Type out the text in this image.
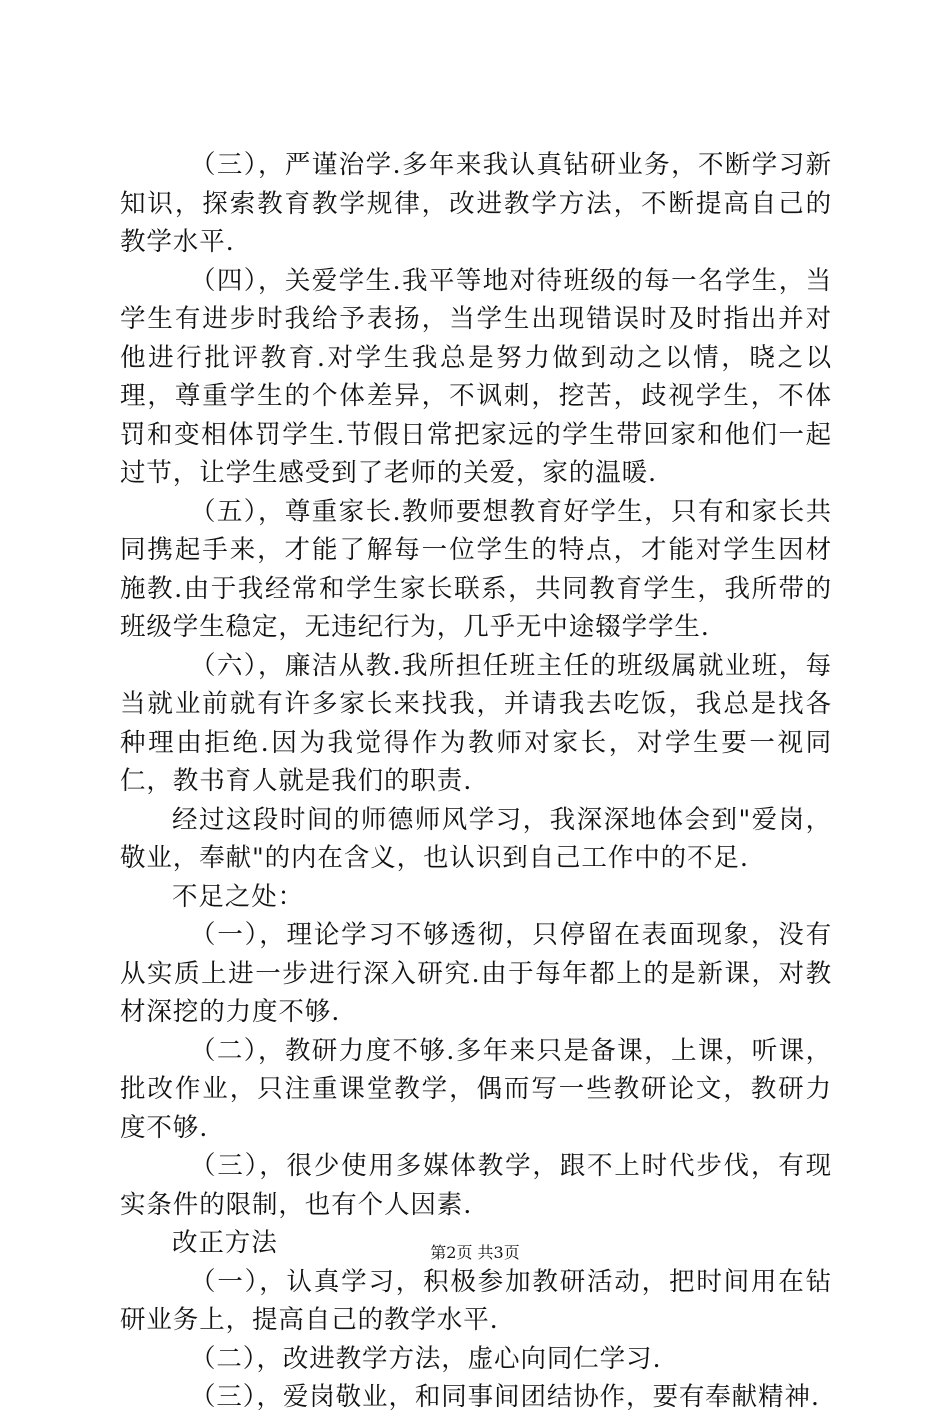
（三），严谨治学.多年来我认真钻研业务，不断学习新知识，探索教育教学规律，改进教学方法，不断提高自己的教学水平.

（四），关爱学生.我平等地对待班级的每一名学生，当学生有进步时我给予表扬，当学生出现错误时及时指出并对他进行批评教育.对学生我总是努力做到动之以情，晓之以理，尊重学生的个体差异，不讽刺，挖苦，歧视学生，不体罚和变相体罚学生.节假日常把家远的学生带回家和他们一起过节，让学生感受到了老师的关爱，家的温暖.

（五），尊重家长.教师要想教育好学生，只有和家长共同携起手来，才能了解每一位学生的特点，才能对学生因材施教.由于我经常和学生家长联系，共同教育学生，我所带的班级学生稳定，无违纪行为，几乎无中途辍学学生.

（六），廉洁从教.我所担任班主任的班级属就业班，每当就业前就有许多家长来找我，并请我去吃饭，我总是找各种理由拒绝.因为我觉得作为教师对家长，对学生要一视同仁，教书育人就是我们的职责.

经过这段时间的师德师风学习，我深深地体会到"爱岗，敬业，奉献"的内在含义，也认识到自己工作中的不足.

不足之处：

（一），理论学习不够透彻，只停留在表面现象，没有从实质上进一步进行深入研究.由于每年都上的是新课，对教材深挖的力度不够.

（二），教研力度不够.多年来只是备课，上课，听课，批改作业，只注重课堂教学，偶而写一些教研论文，教研力度不够.

（三），很少使用多媒体教学，跟不上时代步伐，有现实条件的限制，也有个人因素.

改正方法

（一），认真学习，积极参加教研活动，把时间用在钻研业务上，提高自己的教学水平.

（二），改进教学方法，虚心向同仁学习.

（三），爱岗敬业，和同事间团结协作，要有奉献精神.

第2页 共3页
